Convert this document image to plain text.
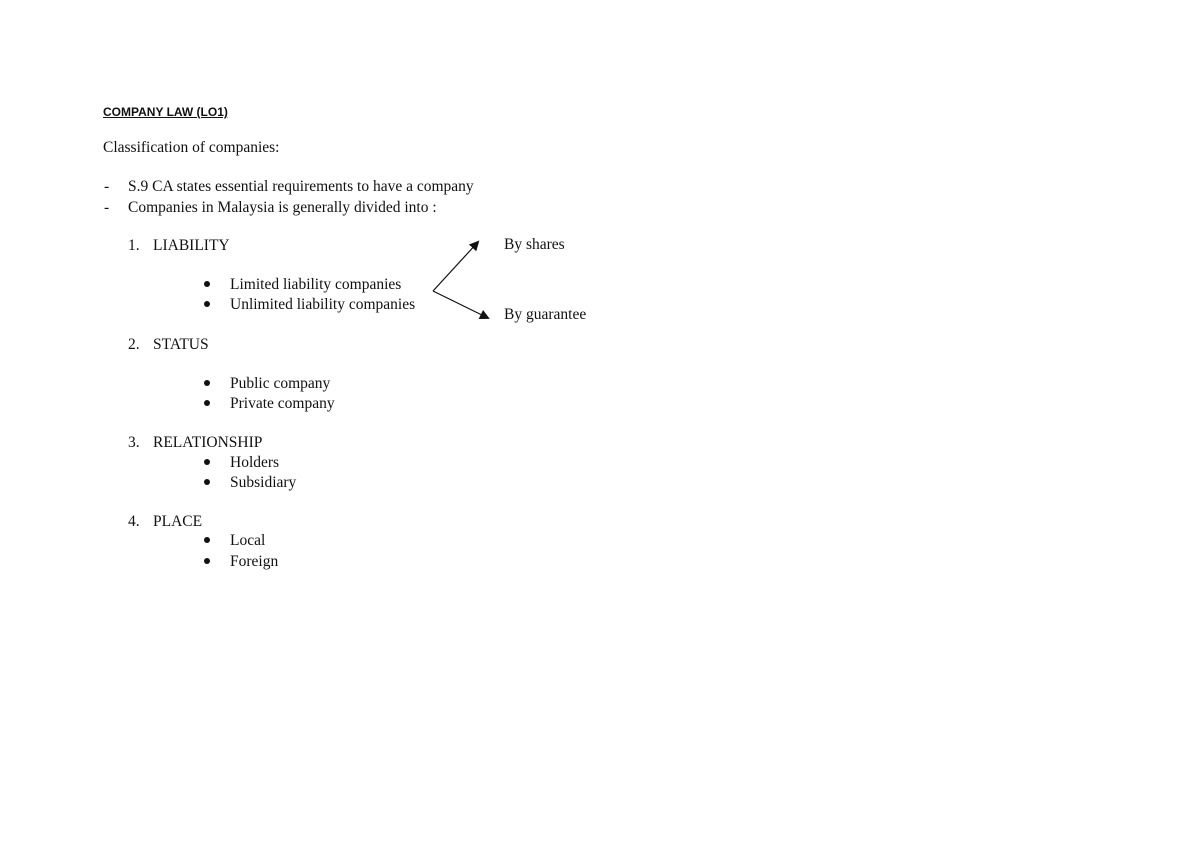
COMPANY LAW (LO1)
Classification of companies:
- S.9 CA states essential requirements to have a company
- Companies in Malaysia is generally divided into :
1. LIABILITY
Limited liability companies
Unlimited liability companies
By shares
By guarantee
2. STATUS
Public company
Private company
3. RELATIONSHIP
Holders
Subsidiary
4. PLACE
Local
Foreign
